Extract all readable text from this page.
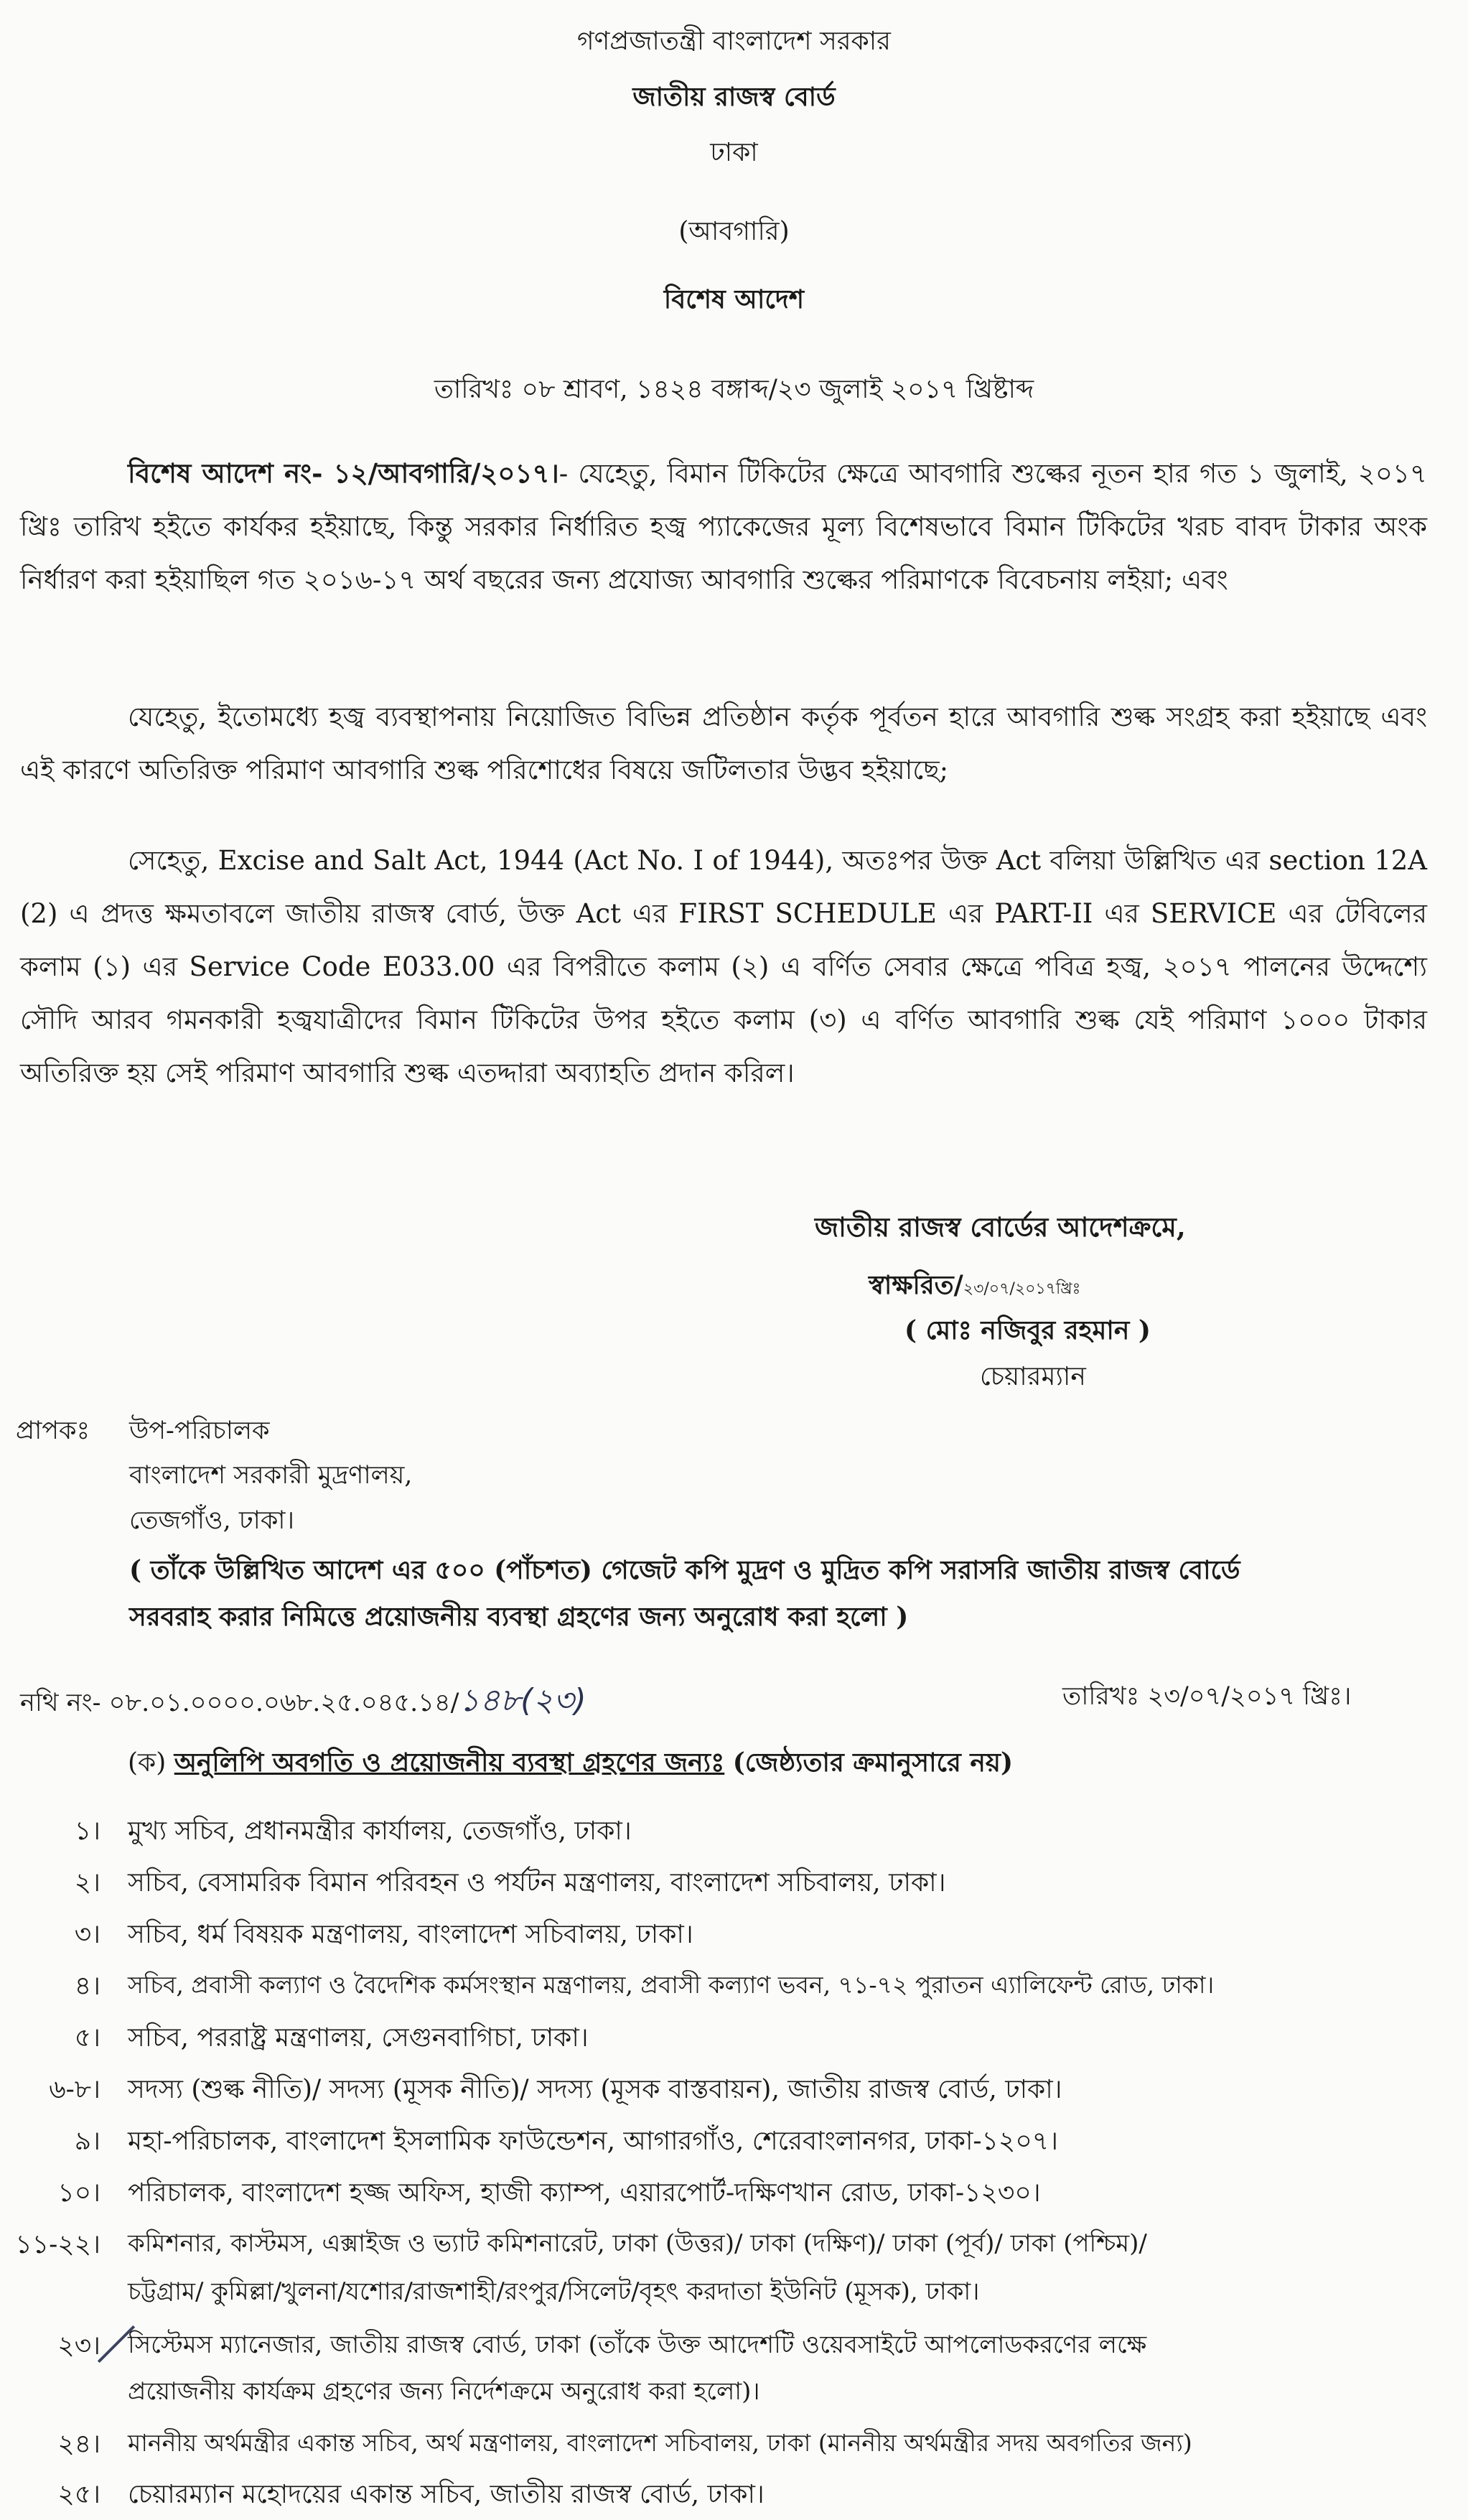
গণপ্রজাতন্ত্রী বাংলাদেশ সরকার
জাতীয় রাজস্ব বোর্ড
ঢাকা
(আবগারি)
বিশেষ আদেশ
তারিখঃ ০৮ শ্রাবণ, ১৪২৪ বঙ্গাব্দ/২৩ জুলাই ২০১৭ খ্রিষ্টাব্দ
বিশেষ আদেশ নং- ১২/আবগারি/২০১৭।- যেহেতু, বিমান টিকিটের ক্ষেত্রে আবগারি শুল্কের নূতন হার গত ১ জুলাই, ২০১৭ খ্রিঃ তারিখ হইতে কার্যকর হইয়াছে, কিন্তু সরকার নির্ধারিত হজ্ব প্যাকেজের মূল্য বিশেষভাবে বিমান টিকিটের খরচ বাবদ টাকার অংক নির্ধারণ করা হইয়াছিল গত ২০১৬-১৭ অর্থ বছরের জন্য প্রযোজ্য আবগারি শুল্কের পরিমাণকে বিবেচনায় লইয়া; এবং
যেহেতু, ইতোমধ্যে হজ্ব ব্যবস্থাপনায় নিয়োজিত বিভিন্ন প্রতিষ্ঠান কর্তৃক পূর্বতন হারে আবগারি শুল্ক সংগ্রহ করা হইয়াছে এবং এই কারণে অতিরিক্ত পরিমাণ আবগারি শুল্ক পরিশোধের বিষয়ে জটিলতার উদ্ভব হইয়াছে;
সেহেতু, Excise and Salt Act, 1944 (Act No. I of 1944), অতঃপর উক্ত Act বলিয়া উল্লিখিত এর section 12A (2) এ প্রদত্ত ক্ষমতাবলে জাতীয় রাজস্ব বোর্ড, উক্ত Act এর FIRST SCHEDULE এর PART-II এর SERVICE এর টেবিলের কলাম (১) এর Service Code E033.00 এর বিপরীতে কলাম (২) এ বর্ণিত সেবার ক্ষেত্রে পবিত্র হজ্ব, ২০১৭ পালনের উদ্দেশ্যে সৌদি আরব গমনকারী হজ্বযাত্রীদের বিমান টিকিটের উপর হইতে কলাম (৩) এ বর্ণিত আবগারি শুল্ক যেই পরিমাণ ১০০০ টাকার অতিরিক্ত হয় সেই পরিমাণ আবগারি শুল্ক এতদ্দারা অব্যাহতি প্রদান করিল।
জাতীয় রাজস্ব বোর্ডের আদেশক্রমে,
স্বাক্ষরিত/২৩/০৭/২০১৭খ্রিঃ
( মোঃ নজিবুর রহমান )
চেয়ারম্যান
প্রাপকঃ উপ-পরিচালক
বাংলাদেশ সরকারী মুদ্রণালয়,
তেজগাঁও, ঢাকা।
( তাঁকে উল্লিখিত আদেশ এর ৫০০ (পাঁচশত) গেজেট কপি মুদ্রণ ও মুদ্রিত কপি সরাসরি জাতীয় রাজস্ব বোর্ডে
সরবরাহ করার নিমিত্তে প্রয়োজনীয় ব্যবস্থা গ্রহণের জন্য অনুরোধ করা হলো )
নথি নং- ০৮.০১.০০০০.০৬৮.২৫.০৪৫.১৪/১৪৮(২৩)	তারিখঃ ২৩/০৭/২০১৭ খ্রিঃ।
(ক) অনুলিপি অবগতি ও প্রয়োজনীয় ব্যবস্থা গ্রহণের জন্যঃ (জেষ্ঠ্যতার ক্রমানুসারে নয়)
১। মুখ্য সচিব, প্রধানমন্ত্রীর কার্যালয়, তেজগাঁও, ঢাকা।
২। সচিব, বেসামরিক বিমান পরিবহন ও পর্যটন মন্ত্রণালয়, বাংলাদেশ সচিবালয়, ঢাকা।
৩। সচিব, ধর্ম বিষয়ক মন্ত্রণালয়, বাংলাদেশ সচিবালয়, ঢাকা।
৪। সচিব, প্রবাসী কল্যাণ ও বৈদেশিক কর্মসংস্থান মন্ত্রণালয়, প্রবাসী কল্যাণ ভবন, ৭১-৭২ পুরাতন এ্যালিফেন্ট রোড, ঢাকা।
৫। সচিব, পররাষ্ট্র মন্ত্রণালয়, সেগুনবাগিচা, ঢাকা।
৬-৮। সদস্য (শুল্ক নীতি)/ সদস্য (মূসক নীতি)/ সদস্য (মূসক বাস্তবায়ন), জাতীয় রাজস্ব বোর্ড, ঢাকা।
৯। মহা-পরিচালক, বাংলাদেশ ইসলামিক ফাউন্ডেশন, আগারগাঁও, শেরেবাংলানগর, ঢাকা-১২০৭।
১০। পরিচালক, বাংলাদেশ হজ্জ অফিস, হাজী ক্যাম্প, এয়ারপোর্ট-দক্ষিণখান রোড, ঢাকা-১২৩০।
১১-২২। কমিশনার, কাস্টমস, এক্সাইজ ও ভ্যাট কমিশনারেট, ঢাকা (উত্তর)/ ঢাকা (দক্ষিণ)/ ঢাকা (পূর্ব)/ ঢাকা (পশ্চিম)/
চট্টগ্রাম/ কুমিল্লা/খুলনা/যশোর/রাজশাহী/রংপুর/সিলেট/বৃহৎ করদাতা ইউনিট (মূসক), ঢাকা।
২৩। সিস্টেমস ম্যানেজার, জাতীয় রাজস্ব বোর্ড, ঢাকা (তাঁকে উক্ত আদেশটি ওয়েবসাইটে আপলোডকরণের লক্ষে
প্রয়োজনীয় কার্যক্রম গ্রহণের জন্য নির্দেশক্রমে অনুরোধ করা হলো)।
২৪। মাননীয় অর্থমন্ত্রীর একান্ত সচিব, অর্থ মন্ত্রণালয়, বাংলাদেশ সচিবালয়, ঢাকা (মাননীয় অর্থমন্ত্রীর সদয় অবগতির জন্য)
২৫। চেয়ারম্যান মহোদয়ের একান্ত সচিব, জাতীয় রাজস্ব বোর্ড, ঢাকা।
